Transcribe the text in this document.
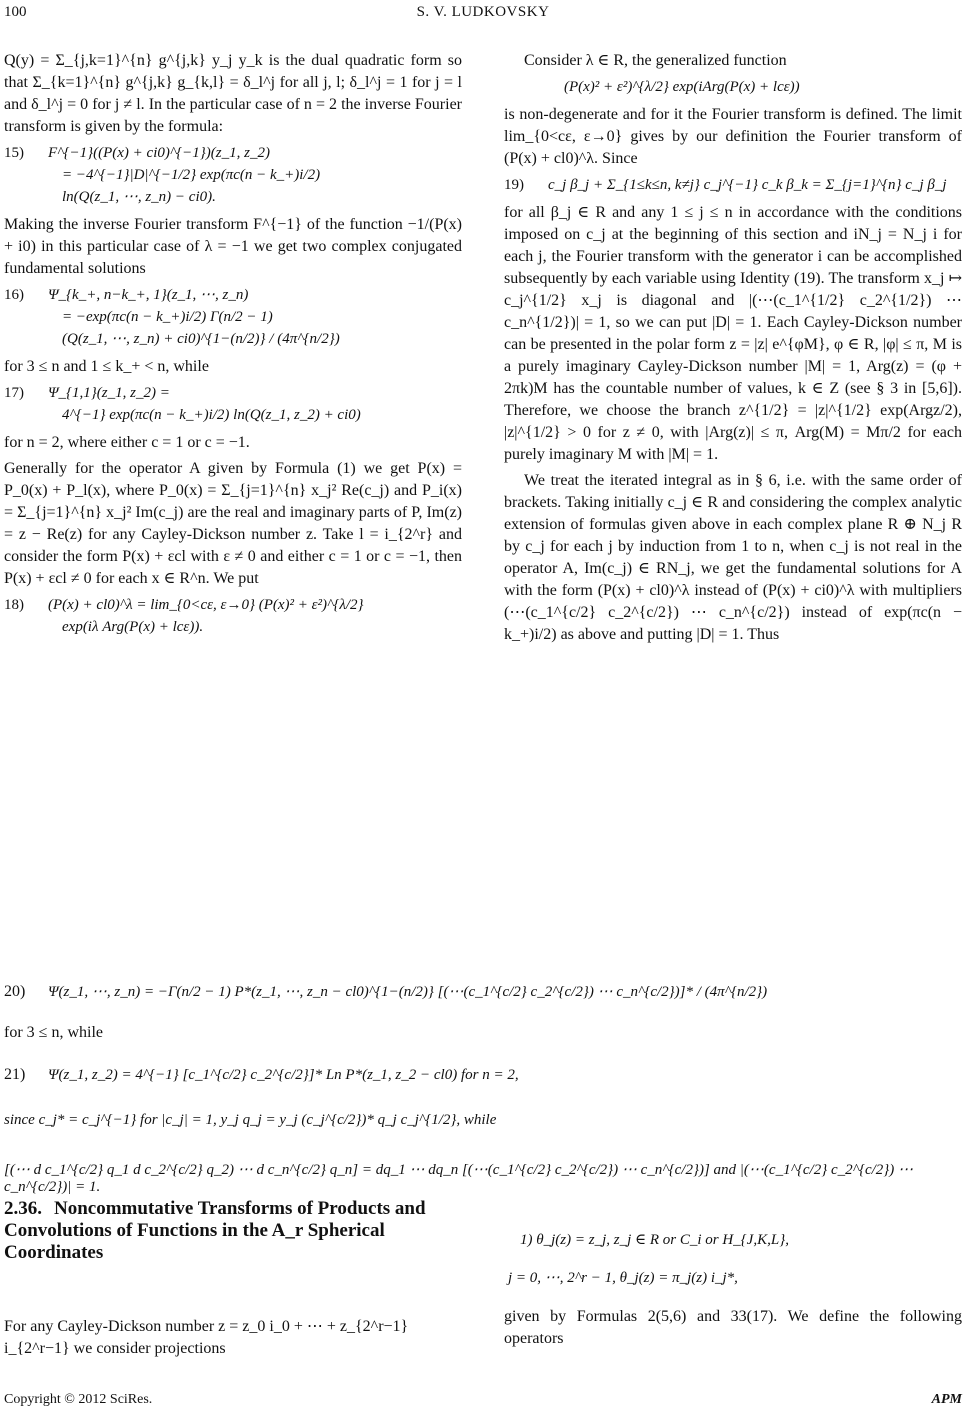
100	S. V. LUDKOVSKY

Q(y) = Σ_{j,k=1}^{n} g^{j,k} y_j y_k is the dual quadratic form so that Σ_{k=1}^{n} g^{j,k} g_{k,l} = δ_l^j for all j, l; δ_l^j = 1 for j = l and δ_l^j = 0 for j ≠ l. In the particular case of n = 2 the inverse Fourier transform is given by the formula:

15) F^{−1}((P(x) + ci0)^{−1})(z_1, z_2)
= −4^{−1}|D|^{−1/2} exp(πc(n − k_+)i/2)
ln(Q(z_1, ⋯, z_n) − ci0).

Making the inverse Fourier transform F^{−1} of the function −1/(P(x) + i0) in this particular case of λ = −1 we get two complex conjugated fundamental solutions

16) Ψ_{k_+, n−k_+, 1}(z_1, ⋯, z_n)
= −exp(πc(n − k_+)i/2) Γ(n/2 − 1)
(Q(z_1, ⋯, z_n) + ci0)^{1−(n/2)} / (4π^{n/2})

for 3 ≤ n and 1 ≤ k_+ < n, while

17) Ψ_{1,1}(z_1, z_2) =
4^{−1} exp(πc(n − k_+)i/2) ln(Q(z_1, z_2) + ci0)

for n = 2, where either c = 1 or c = −1.

Generally for the operator A given by Formula (1) we get P(x) = P_0(x) + P_l(x), where P_0(x) = Σ_{j=1}^{n} x_j² Re(c_j) and P_i(x) = Σ_{j=1}^{n} x_j² Im(c_j) are the real and imaginary parts of P, Im(z) = z − Re(z) for any Cayley-Dickson number z. Take l = i_{2^r} and consider the form P(x) + εcl with ε ≠ 0 and either c = 1 or c = −1, then P(x) + εcl ≠ 0 for each x ∈ R^n. We put

18) (P(x) + cl0)^λ = lim_{0<cε, ε→0} (P(x)² + ε²)^{λ/2}
exp(iλ Arg(P(x) + lcε)).

Consider λ ∈ R, the generalized function

(P(x)² + ε²)^{λ/2} exp(iArg(P(x) + lcε))

is non-degenerate and for it the Fourier transform is defined. The limit lim_{0<cε, ε→0} gives by our definition the Fourier transform of (P(x) + cl0)^λ. Since

19) c_j β_j + Σ_{1≤k≤n, k≠j} c_j^{−1} c_k β_k = Σ_{j=1}^{n} c_j β_j

for all β_j ∈ R and any 1 ≤ j ≤ n in accordance with the conditions imposed on c_j at the beginning of this section and iN_j = N_j i for each j, the Fourier transform with the generator i can be accomplished subsequently by each variable using Identity (19). The transform x_j ↦ c_j^{1/2} x_j is diagonal and |(⋯(c_1^{1/2} c_2^{1/2}) ⋯ c_n^{1/2})| = 1, so we can put |D| = 1. Each Cayley-Dickson number can be presented in the polar form z = |z| e^{φM}, φ ∈ R, |φ| ≤ π, M is a purely imaginary Cayley-Dickson number |M| = 1, Arg(z) = (φ + 2πk)M has the countable number of values, k ∈ Z (see § 3 in [5,6]). Therefore, we choose the branch z^{1/2} = |z|^{1/2} exp(Argz/2), |z|^{1/2} > 0 for z ≠ 0, with |Arg(z)| ≤ π, Arg(M) = Mπ/2 for each purely imaginary M with |M| = 1.

We treat the iterated integral as in § 6, i.e. with the same order of brackets. Taking initially c_j ∈ R and considering the complex analytic extension of formulas given above in each complex plane R ⊕ N_j R by c_j for each j by induction from 1 to n, when c_j is not real in the operator A, Im(c_j) ∈ RN_j, we get the fundamental solutions for A with the form (P(x) + cl0)^λ instead of (P(x) + ci0)^λ with multipliers (⋯(c_1^{c/2} c_2^{c/2}) ⋯ c_n^{c/2}) instead of exp(πc(n − k_+)i/2) as above and putting |D| = 1. Thus

20) Ψ(z_1, ⋯, z_n) = −Γ(n/2 − 1) P*(z_1, ⋯, z_n − cl0)^{1−(n/2)} [(⋯(c_1^{c/2} c_2^{c/2}) ⋯ c_n^{c/2})]* / (4π^{n/2})
for 3 ≤ n, while
21) Ψ(z_1, z_2) = 4^{−1} [c_1^{c/2} c_2^{c/2}]* Ln P*(z_1, z_2 − cl0) for n = 2,
since c_j* = c_j^{−1} for |c_j| = 1, y_j q_j = y_j (c_j^{c/2})* q_j c_j^{1/2}, while
[(⋯ d c_1^{c/2} q_1 d c_2^{c/2} q_2) ⋯ d c_n^{c/2} q_n] = dq_1 ⋯ dq_n [(⋯(c_1^{c/2} c_2^{c/2}) ⋯ c_n^{c/2})] and |(⋯(c_1^{c/2} c_2^{c/2}) ⋯ c_n^{c/2})| = 1.
2.36. Noncommutative Transforms of Products and Convolutions of Functions in the A_r Spherical Coordinates
For any Cayley-Dickson number z = z_0 i_0 + ⋯ + z_{2^r−1} i_{2^r−1} we consider projections
1) θ_j(z) = z_j, z_j ∈ R or C_i or H_{J,K,L},
j = 0, ⋯, 2^r − 1, θ_j(z) = π_j(z) i_j*,
given by Formulas 2(5,6) and 33(17). We define the following operators
Copyright © 2012 SciRes.	APM
